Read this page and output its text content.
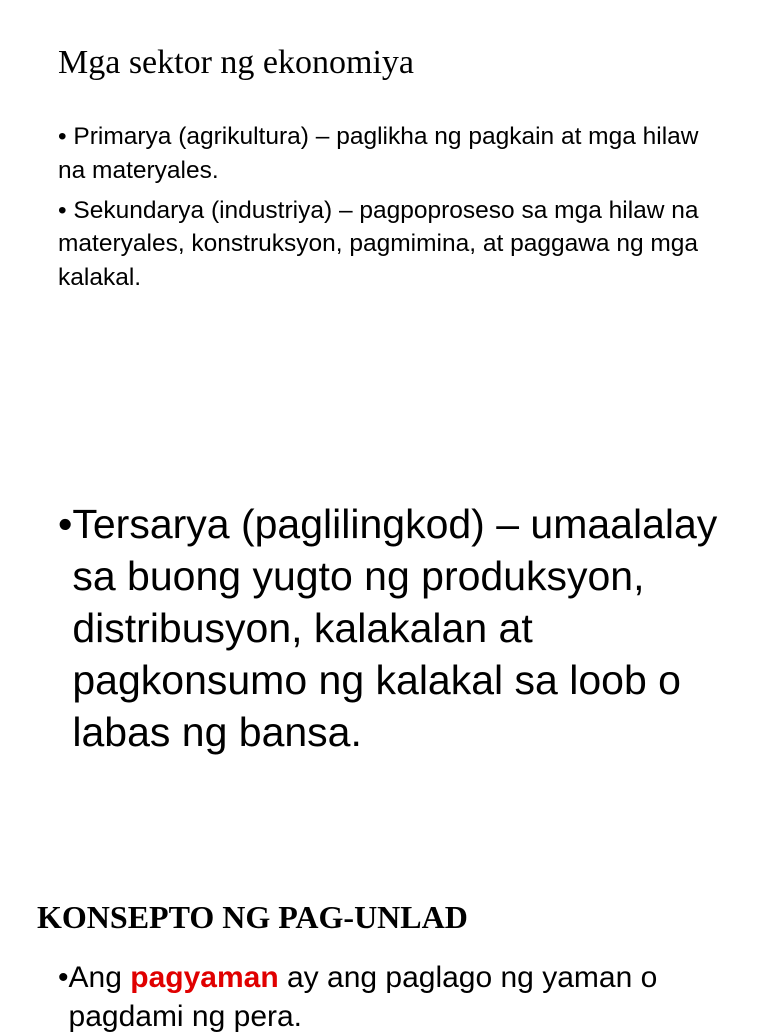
Mga sektor ng ekonomiya
• Primarya (agrikultura) – paglikha ng pagkain at mga hilaw na materyales.
• Sekundarya (industriya) – pagpoproseso sa mga hilaw na materyales, konstruksyon, pagmimina, at paggawa ng mga kalakal.
• Tersarya (paglilingkod) – umaalalay sa buong yugto ng produksyon, distribusyon, kalakalan at pagkonsumo ng kalakal sa loob o labas ng bansa.
KONSEPTO NG PAG-UNLAD
• Ang pagyaman ay ang paglago ng yaman o pagdami ng pera.
